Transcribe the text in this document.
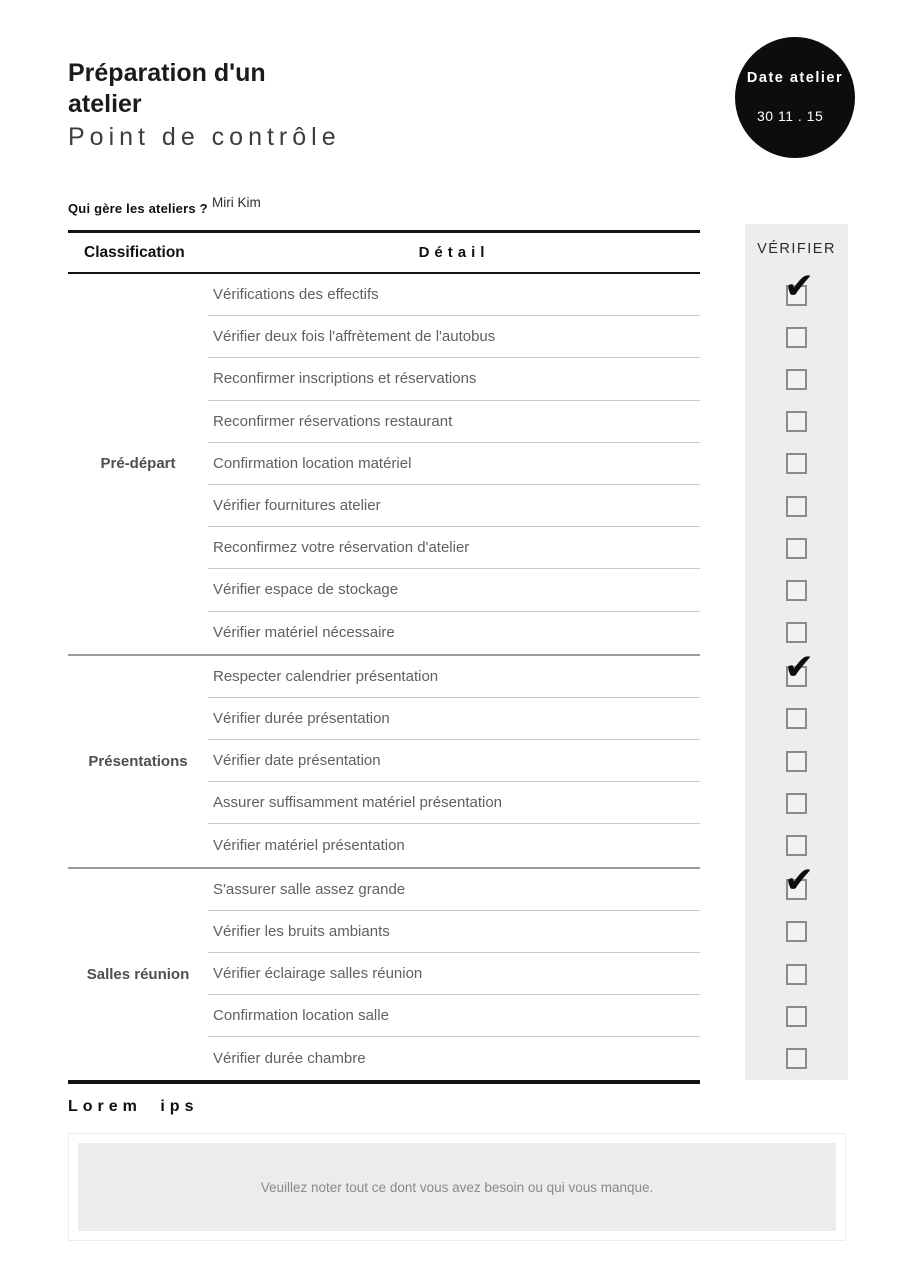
Préparation d'un
atelier
Point de contrôle
Date atelier
30 11 . 15
Qui gère les ateliers ? Miri Kim
Classification	Détail
Pré-départ
Vérifications des effectifs
Vérifier deux fois l'affrètement de l'autobus
Reconfirmer inscriptions et réservations
Reconfirmer réservations restaurant
Confirmation location matériel
Vérifier fournitures atelier
Reconfirmez votre réservation d'atelier
Vérifier espace de stockage
Vérifier matériel nécessaire
Présentations
Respecter calendrier présentation
Vérifier durée présentation
Vérifier date présentation
Assurer suffisamment matériel présentation
Vérifier matériel présentation
Salles réunion
S'assurer salle assez grande
Vérifier les bruits ambiants
Vérifier éclairage salles réunion
Confirmation location salle
Vérifier durée chambre
VÉRIFIER
✔
✔
✔
Lorem ips
Veuillez noter tout ce dont vous avez besoin ou qui vous manque.
